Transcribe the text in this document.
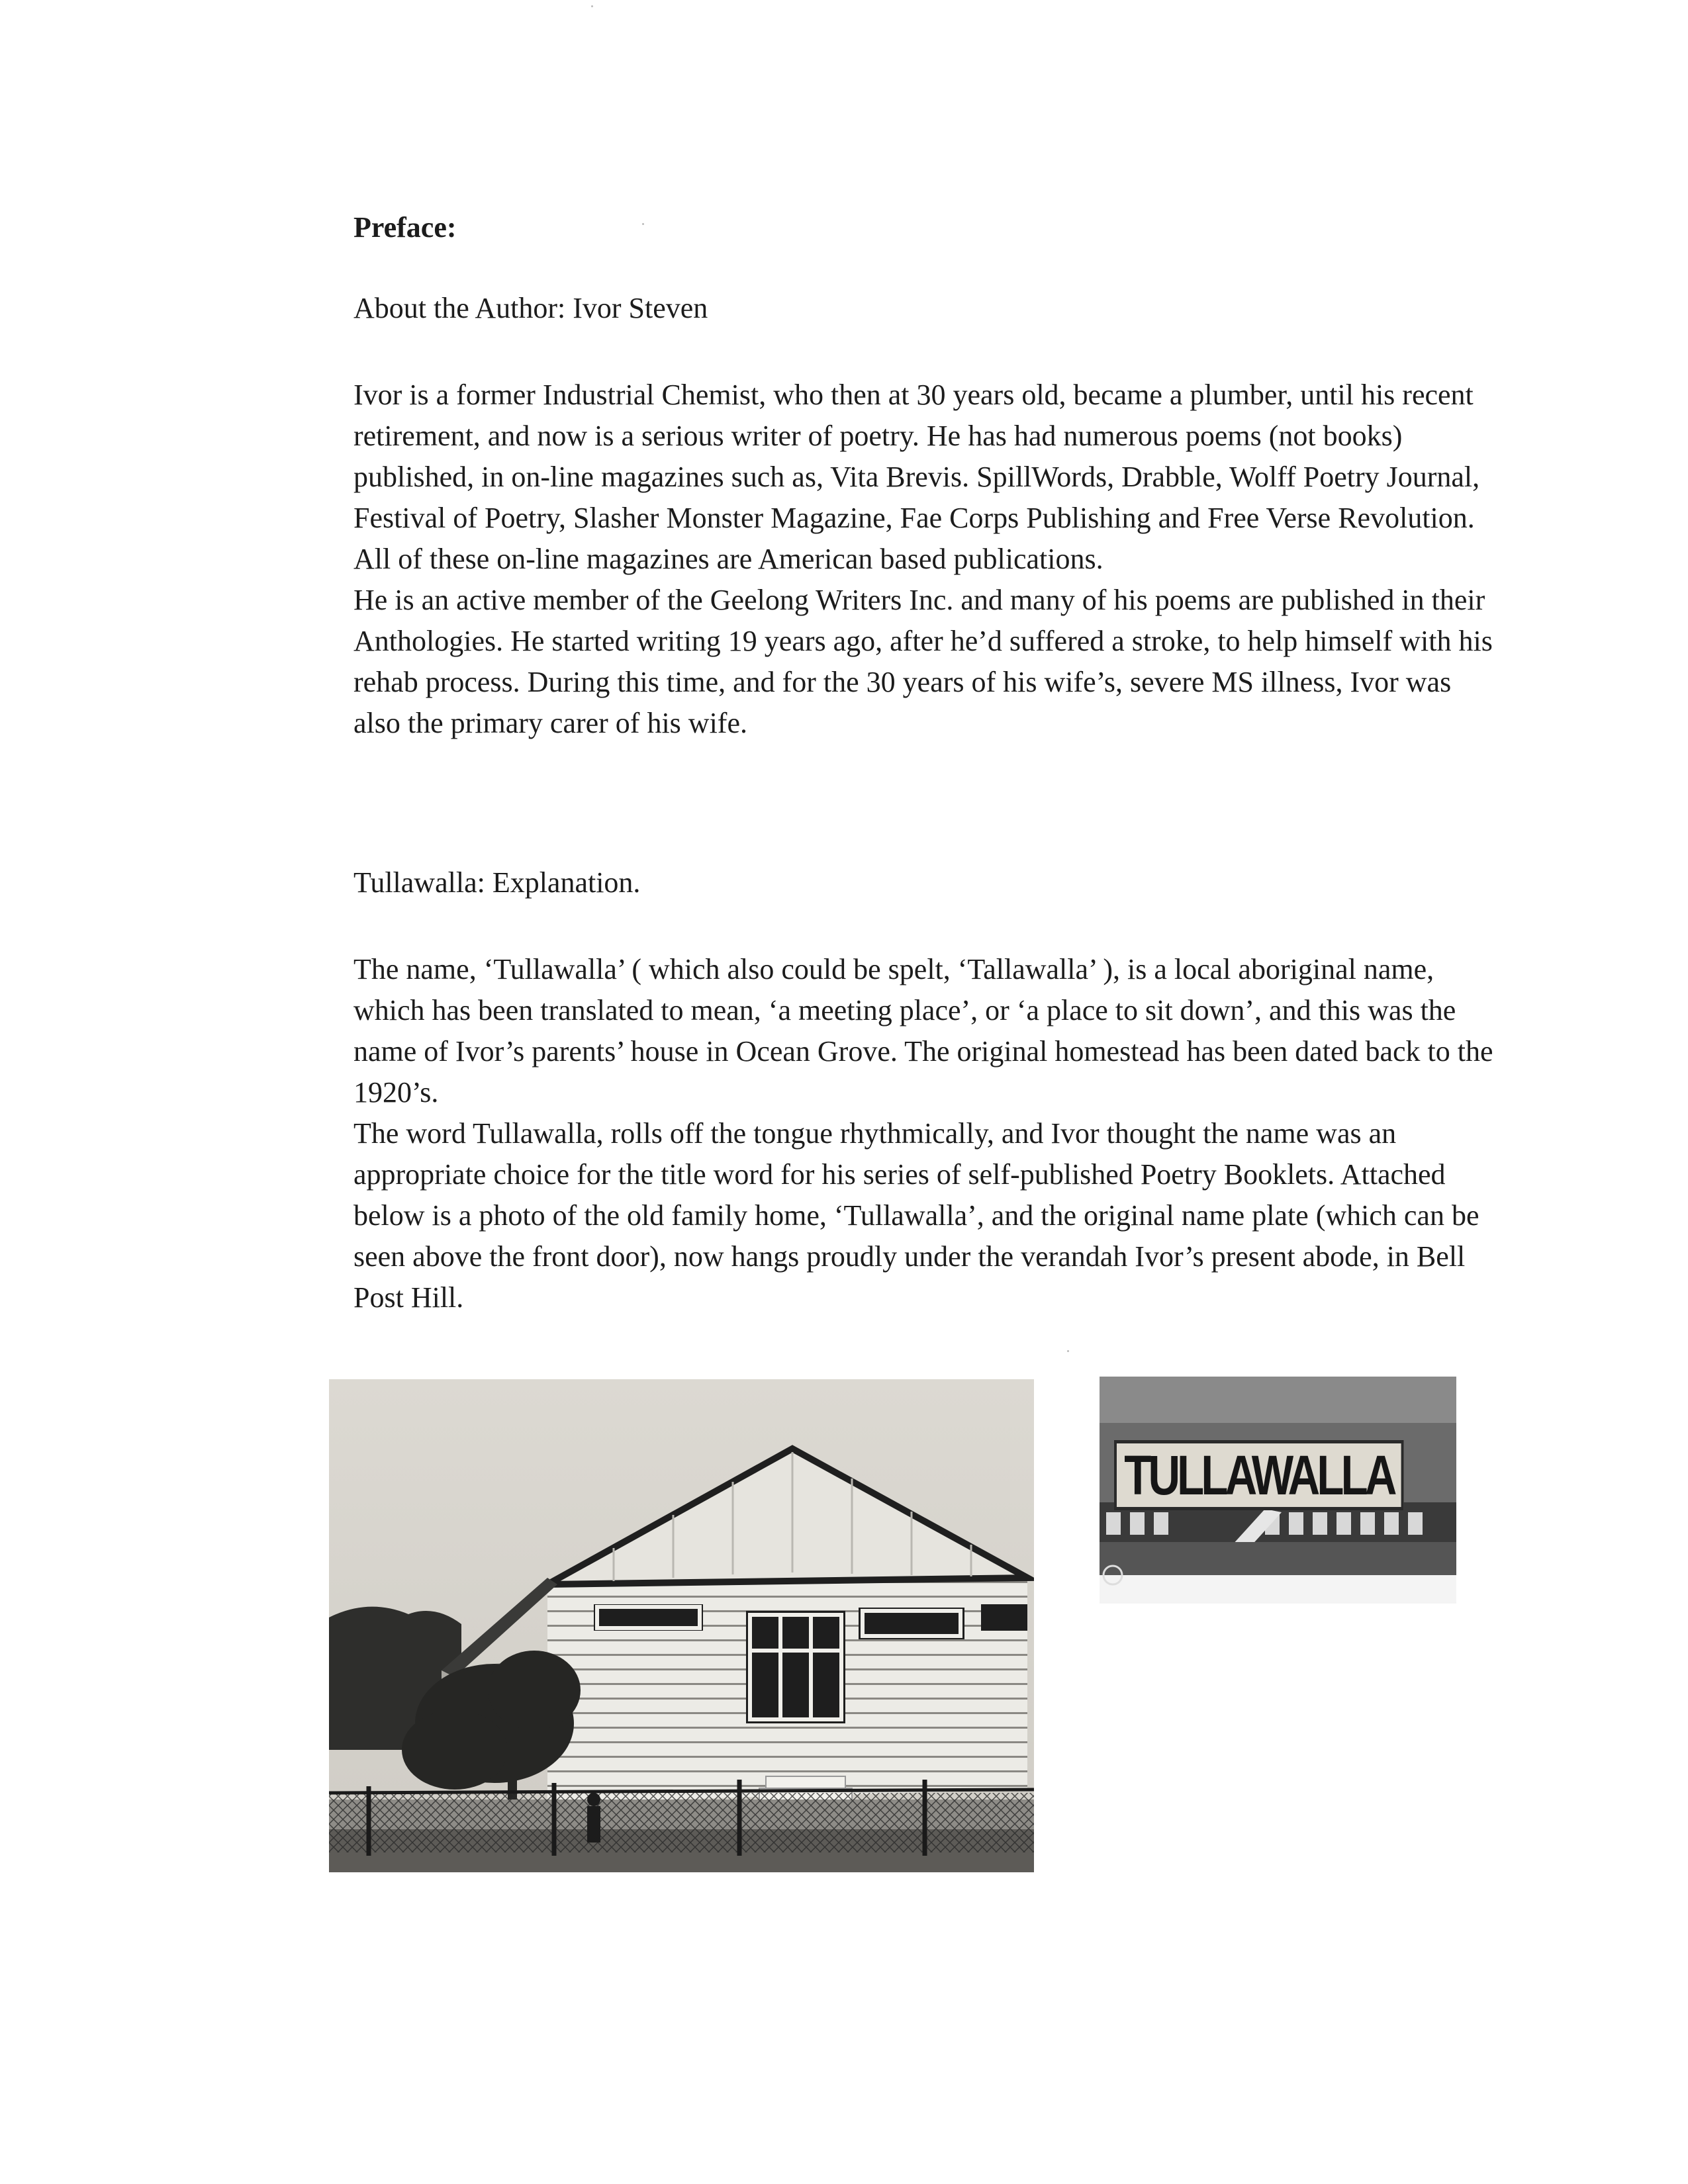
Preface:
About the Author: Ivor Steven

Ivor is a former Industrial Chemist, who then at 30 years old, became a plumber, until his recent retirement, and now is a serious writer of poetry. He has had numerous poems (not books) published, in on-line magazines such as, Vita Brevis. SpillWords, Drabble, Wolff Poetry Journal, Festival of Poetry, Slasher Monster Magazine, Fae Corps Publishing and Free Verse Revolution. All of these on-line magazines are American based publications.

He is an active member of the Geelong Writers Inc. and many of his poems are published in their Anthologies. He started writing 19 years ago, after he’d suffered a stroke, to help himself with his rehab process. During this time, and for the 30 years of his wife’s, severe MS illness, Ivor was also the primary carer of his wife.

Tullawalla: Explanation.

The name, ‘Tullawalla’ ( which also could be spelt, ‘Tallawalla’ ), is a local aboriginal name, which has been translated to mean, ‘a meeting place’, or ‘a place to sit down’, and this was the name of Ivor’s parents’ house in Ocean Grove. The original homestead has been dated back to the 1920’s.

The word Tullawalla, rolls off the tongue rhythmically, and Ivor thought the name was an appropriate choice for the title word for his series of self-published Poetry Booklets. Attached below is a photo of the old family home, ‘Tullawalla’, and the original name plate (which can be seen above the front door), now hangs proudly under the verandah Ivor’s present abode, in Bell Post Hill.

TULLAWALLA
